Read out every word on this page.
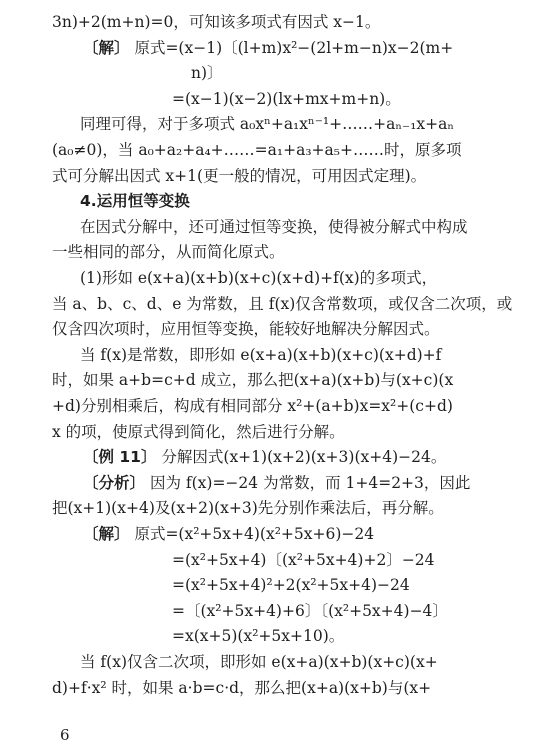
3n)+2(m+n)=0，可知该多项式有因式 x−1。
〔解〕 原式=(x−1)〔(l+m)x²−(2l+m−n)x−2(m+
n)〕
=(x−1)(x−2)(lx+mx+m+n)。
同理可得，对于多项式 a₀xⁿ+a₁xⁿ⁻¹+……+aₙ₋₁x+aₙ
(a₀≠0)，当 a₀+a₂+a₄+……=a₁+a₃+a₅+……时，原多项
式可分解出因式 x+1(更一般的情况，可用因式定理)。
4.运用恒等变换
在因式分解中，还可通过恒等变换，使得被分解式中构成
一些相同的部分，从而简化原式。
(1)形如 e(x+a)(x+b)(x+c)(x+d)+f(x)的多项式，
当 a、b、c、d、e 为常数，且 f(x)仅含常数项，或仅含二次项，或
仅含四次项时，应用恒等变换，能较好地解决分解因式。
当 f(x)是常数，即形如 e(x+a)(x+b)(x+c)(x+d)+f
时，如果 a+b=c+d 成立，那么把(x+a)(x+b)与(x+c)(x
+d)分别相乘后，构成有相同部分 x²+(a+b)x=x²+(c+d)
x 的项，使原式得到简化，然后进行分解。
〔例 11〕 分解因式(x+1)(x+2)(x+3)(x+4)−24。
〔分析〕 因为 f(x)=−24 为常数，而 1+4=2+3，因此
把(x+1)(x+4)及(x+2)(x+3)先分别作乘法后，再分解。
〔解〕 原式=(x²+5x+4)(x²+5x+6)−24
=(x²+5x+4)〔(x²+5x+4)+2〕−24
=(x²+5x+4)²+2(x²+5x+4)−24
=〔(x²+5x+4)+6〕〔(x²+5x+4)−4〕
=x(x+5)(x²+5x+10)。
当 f(x)仅含二次项，即形如 e(x+a)(x+b)(x+c)(x+
d)+f·x² 时，如果 a·b=c·d，那么把(x+a)(x+b)与(x+
6
